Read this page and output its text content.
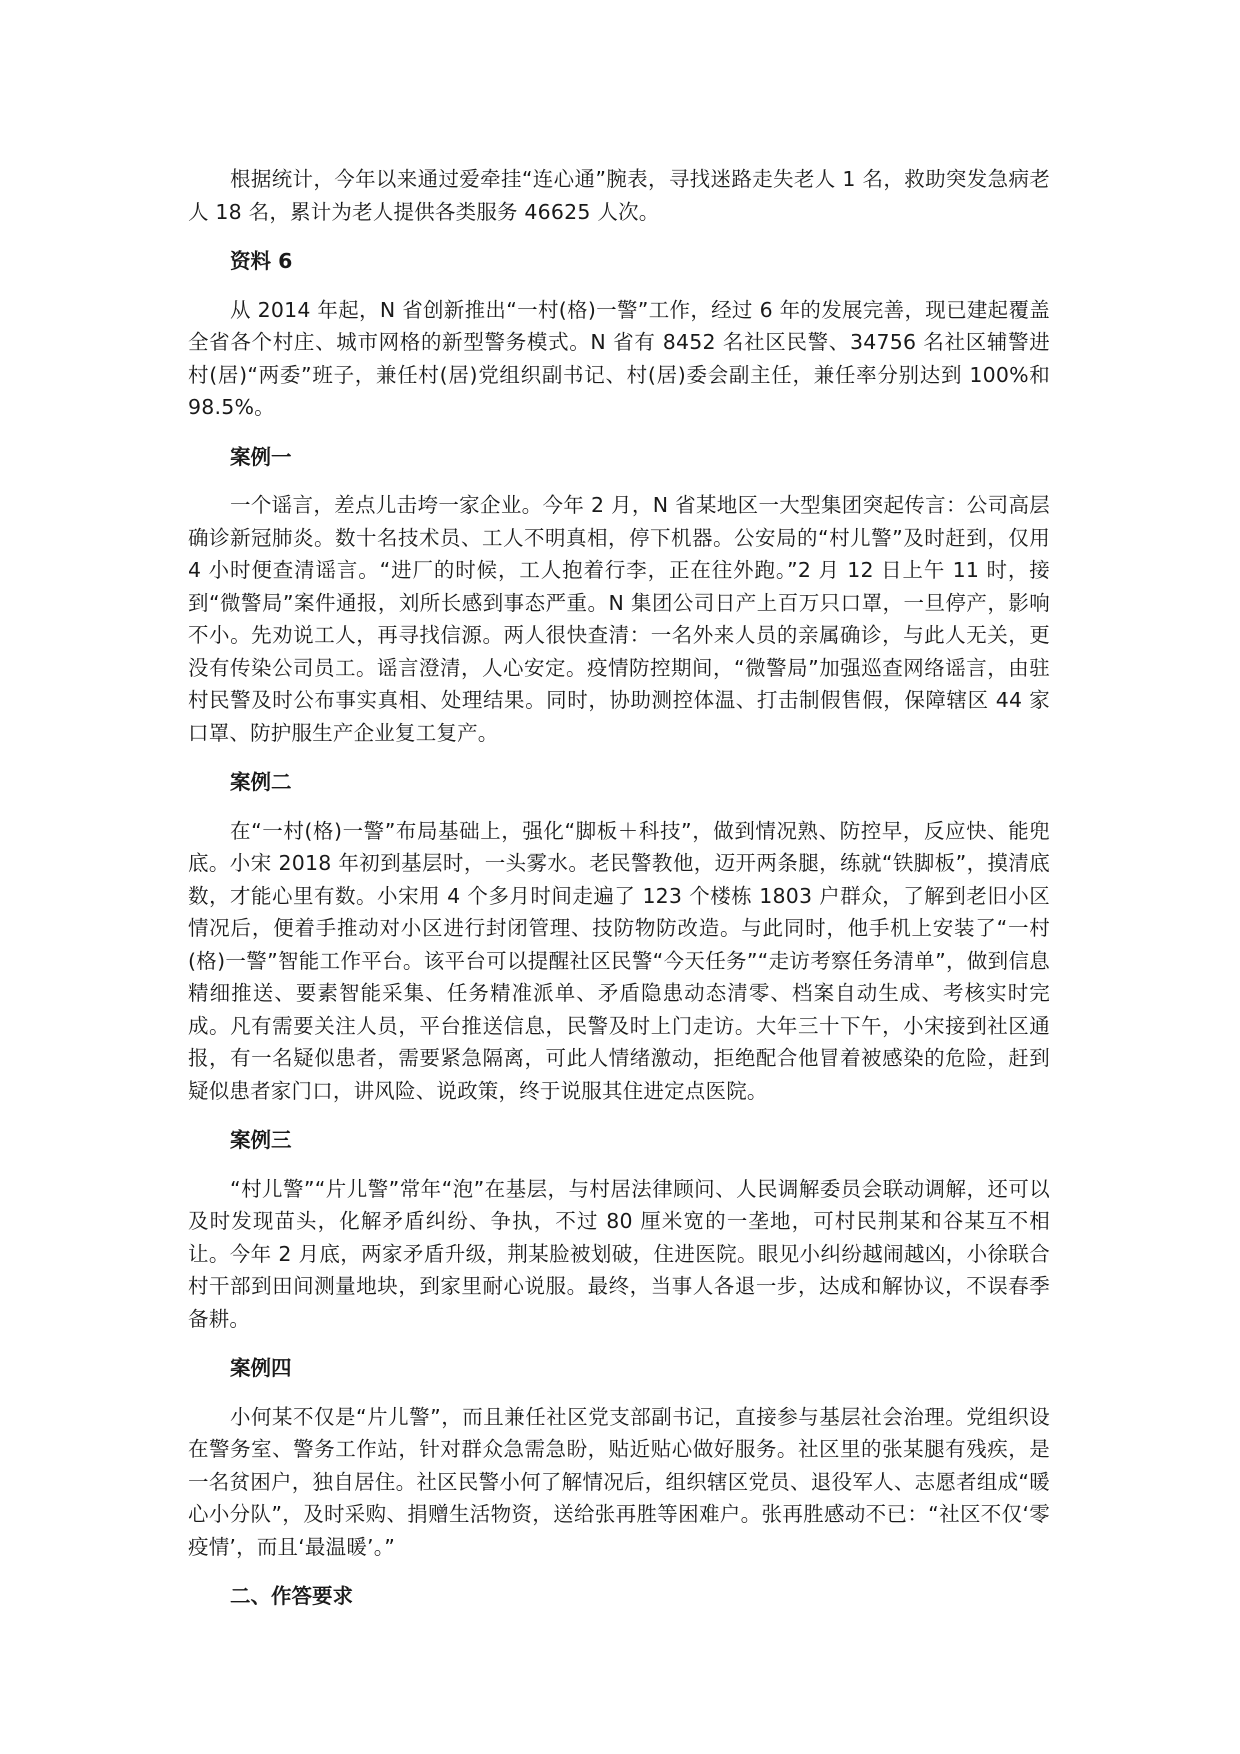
根据统计，今年以来通过爱牵挂“连心通”腕表，寻找迷路走失老人 1 名，救助突发急病老人 18 名，累计为老人提供各类服务 46625 人次。

资料 6

从 2014 年起，N 省创新推出“一村(格)一警”工作，经过 6 年的发展完善，现已建起覆盖全省各个村庄、城市网格的新型警务模式。N 省有 8452 名社区民警、34756 名社区辅警进村(居)“两委”班子，兼任村(居)党组织副书记、村(居)委会副主任，兼任率分别达到 100%和 98.5%。

案例一

一个谣言，差点儿击垮一家企业。今年 2 月，N 省某地区一大型集团突起传言：公司高层确诊新冠肺炎。数十名技术员、工人不明真相，停下机器。公安局的“村儿警”及时赶到，仅用 4 小时便查清谣言。“进厂的时候，工人抱着行李，正在往外跑。”2 月 12 日上午 11 时，接到“微警局”案件通报，刘所长感到事态严重。N 集团公司日产上百万只口罩，一旦停产，影响不小。先劝说工人，再寻找信源。两人很快查清：一名外来人员的亲属确诊，与此人无关，更没有传染公司员工。谣言澄清，人心安定。疫情防控期间，“微警局”加强巡查网络谣言，由驻村民警及时公布事实真相、处理结果。同时，协助测控体温、打击制假售假，保障辖区 44 家口罩、防护服生产企业复工复产。

案例二

在“一村(格)一警”布局基础上，强化“脚板＋科技”，做到情况熟、防控早，反应快、能兜底。小宋 2018 年初到基层时，一头雾水。老民警教他，迈开两条腿，练就“铁脚板”，摸清底数，才能心里有数。小宋用 4 个多月时间走遍了 123 个楼栋 1803 户群众，了解到老旧小区情况后，便着手推动对小区进行封闭管理、技防物防改造。与此同时，他手机上安装了“一村(格)一警”智能工作平台。该平台可以提醒社区民警“今天任务”“走访考察任务清单”，做到信息精细推送、要素智能采集、任务精准派单、矛盾隐患动态清零、档案自动生成、考核实时完成。凡有需要关注人员，平台推送信息，民警及时上门走访。大年三十下午，小宋接到社区通报，有一名疑似患者，需要紧急隔离，可此人情绪激动，拒绝配合他冒着被感染的危险，赶到疑似患者家门口，讲风险、说政策，终于说服其住进定点医院。

案例三

“村儿警”“片儿警”常年“泡”在基层，与村居法律顾问、人民调解委员会联动调解，还可以及时发现苗头，化解矛盾纠纷、争执，不过 80 厘米宽的一垄地，可村民荆某和谷某互不相让。今年 2 月底，两家矛盾升级，荆某脸被划破，住进医院。眼见小纠纷越闹越凶，小徐联合村干部到田间测量地块，到家里耐心说服。最终，当事人各退一步，达成和解协议，不误春季备耕。

案例四

小何某不仅是“片儿警”，而且兼任社区党支部副书记，直接参与基层社会治理。党组织设在警务室、警务工作站，针对群众急需急盼，贴近贴心做好服务。社区里的张某腿有残疾，是一名贫困户，独自居住。社区民警小何了解情况后，组织辖区党员、退役军人、志愿者组成“暖心小分队”，及时采购、捐赠生活物资，送给张再胜等困难户。张再胜感动不已：“社区不仅‘零疫情’，而且‘最温暖’。”

二、作答要求
